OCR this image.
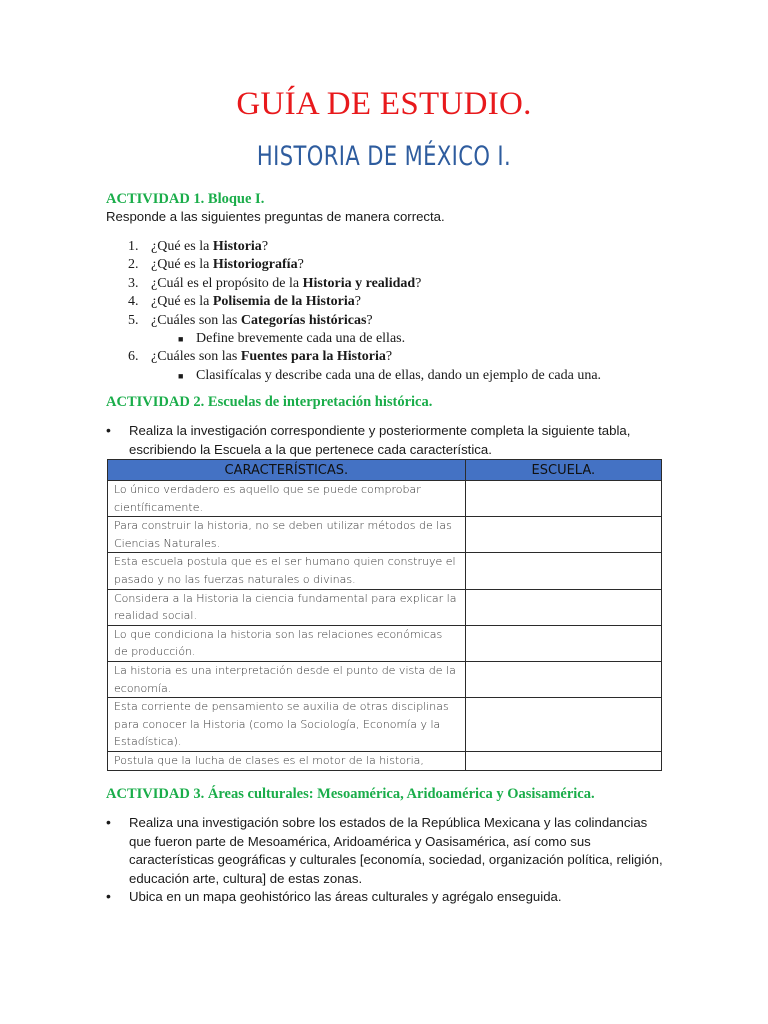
GUÍA DE ESTUDIO.
HISTORIA DE MÉXICO I.
ACTIVIDAD 1. Bloque I.
Responde a las siguientes preguntas de manera correcta.
1. ¿Qué es la Historia?
2. ¿Qué es la Historiografía?
3. ¿Cuál es el propósito de la Historia y realidad?
4. ¿Qué es la Polisemia de la Historia?
5. ¿Cuáles son las Categorías históricas?
■ Define brevemente cada una de ellas.
6. ¿Cuáles son las Fuentes para la Historia?
■ Clasifícalas y describe cada una de ellas, dando un ejemplo de cada una.
ACTIVIDAD 2. Escuelas de interpretación histórica.
• Realiza la investigación correspondiente y posteriormente completa la siguiente tabla, escribiendo la Escuela a la que pertenece cada característica.
CARACTERÍSTICAS.	ESCUELA.
Lo único verdadero es aquello que se puede comprobar científicamente.	
Para construir la historia, no se deben utilizar métodos de las Ciencias Naturales.	
Esta escuela postula que es el ser humano quien construye el pasado y no las fuerzas naturales o divinas.	
Considera a la Historia la ciencia fundamental para explicar la realidad social.	
Lo que condiciona la historia son las relaciones económicas de producción.	
La historia es una interpretación desde el punto de vista de la economía.	
Esta corriente de pensamiento se auxilia de otras disciplinas para conocer la Historia (como la Sociología, Economía y la Estadística).	
Postula que la lucha de clases es el motor de la historia,	
ACTIVIDAD 3. Áreas culturales: Mesoamérica, Aridoamérica y Oasisamérica.
• Realiza una investigación sobre los estados de la República Mexicana y las colindancias que fueron parte de Mesoamérica, Aridoamérica y Oasisamérica, así como sus características geográficas y culturales [economía, sociedad, organización política, religión, educación arte, cultura] de estas zonas.
• Ubica en un mapa geohistórico las áreas culturales y agrégalo enseguida.
